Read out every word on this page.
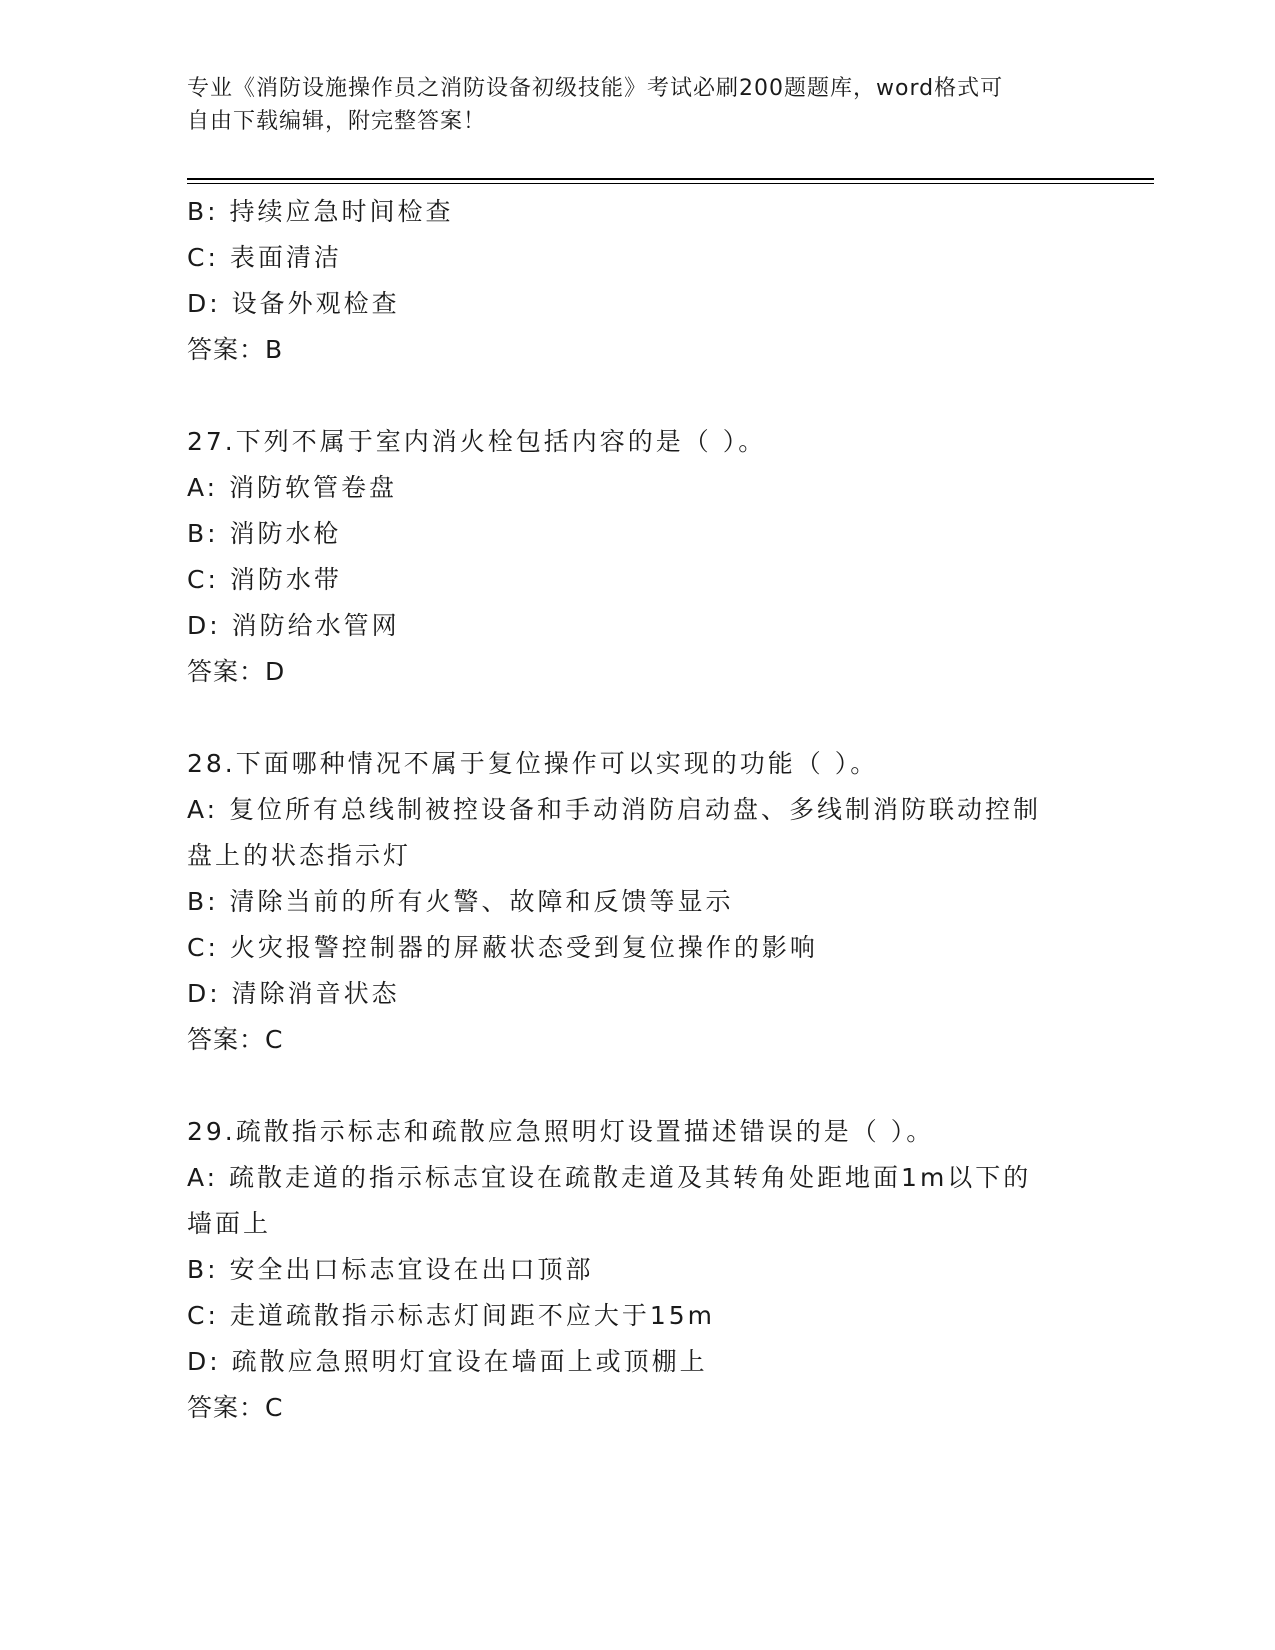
专业《消防设施操作员之消防设备初级技能》考试必刷200题题库，word格式可
自由下载编辑，附完整答案！
B: 持续应急时间检查
C: 表面清洁
D: 设备外观检查
答案：B
27.下列不属于室内消火栓包括内容的是（ ）。
A: 消防软管卷盘
B: 消防水枪
C: 消防水带
D: 消防给水管网
答案：D
28.下面哪种情况不属于复位操作可以实现的功能（ ）。
A: 复位所有总线制被控设备和手动消防启动盘、多线制消防联动控制
盘上的状态指示灯
B: 清除当前的所有火警、故障和反馈等显示
C: 火灾报警控制器的屏蔽状态受到复位操作的影响
D: 清除消音状态
答案：C
29.疏散指示标志和疏散应急照明灯设置描述错误的是（ ）。
A: 疏散走道的指示标志宜设在疏散走道及其转角处距地面1m以下的
墙面上
B: 安全出口标志宜设在出口顶部
C: 走道疏散指示标志灯间距不应大于15m
D: 疏散应急照明灯宜设在墙面上或顶棚上
答案：C
